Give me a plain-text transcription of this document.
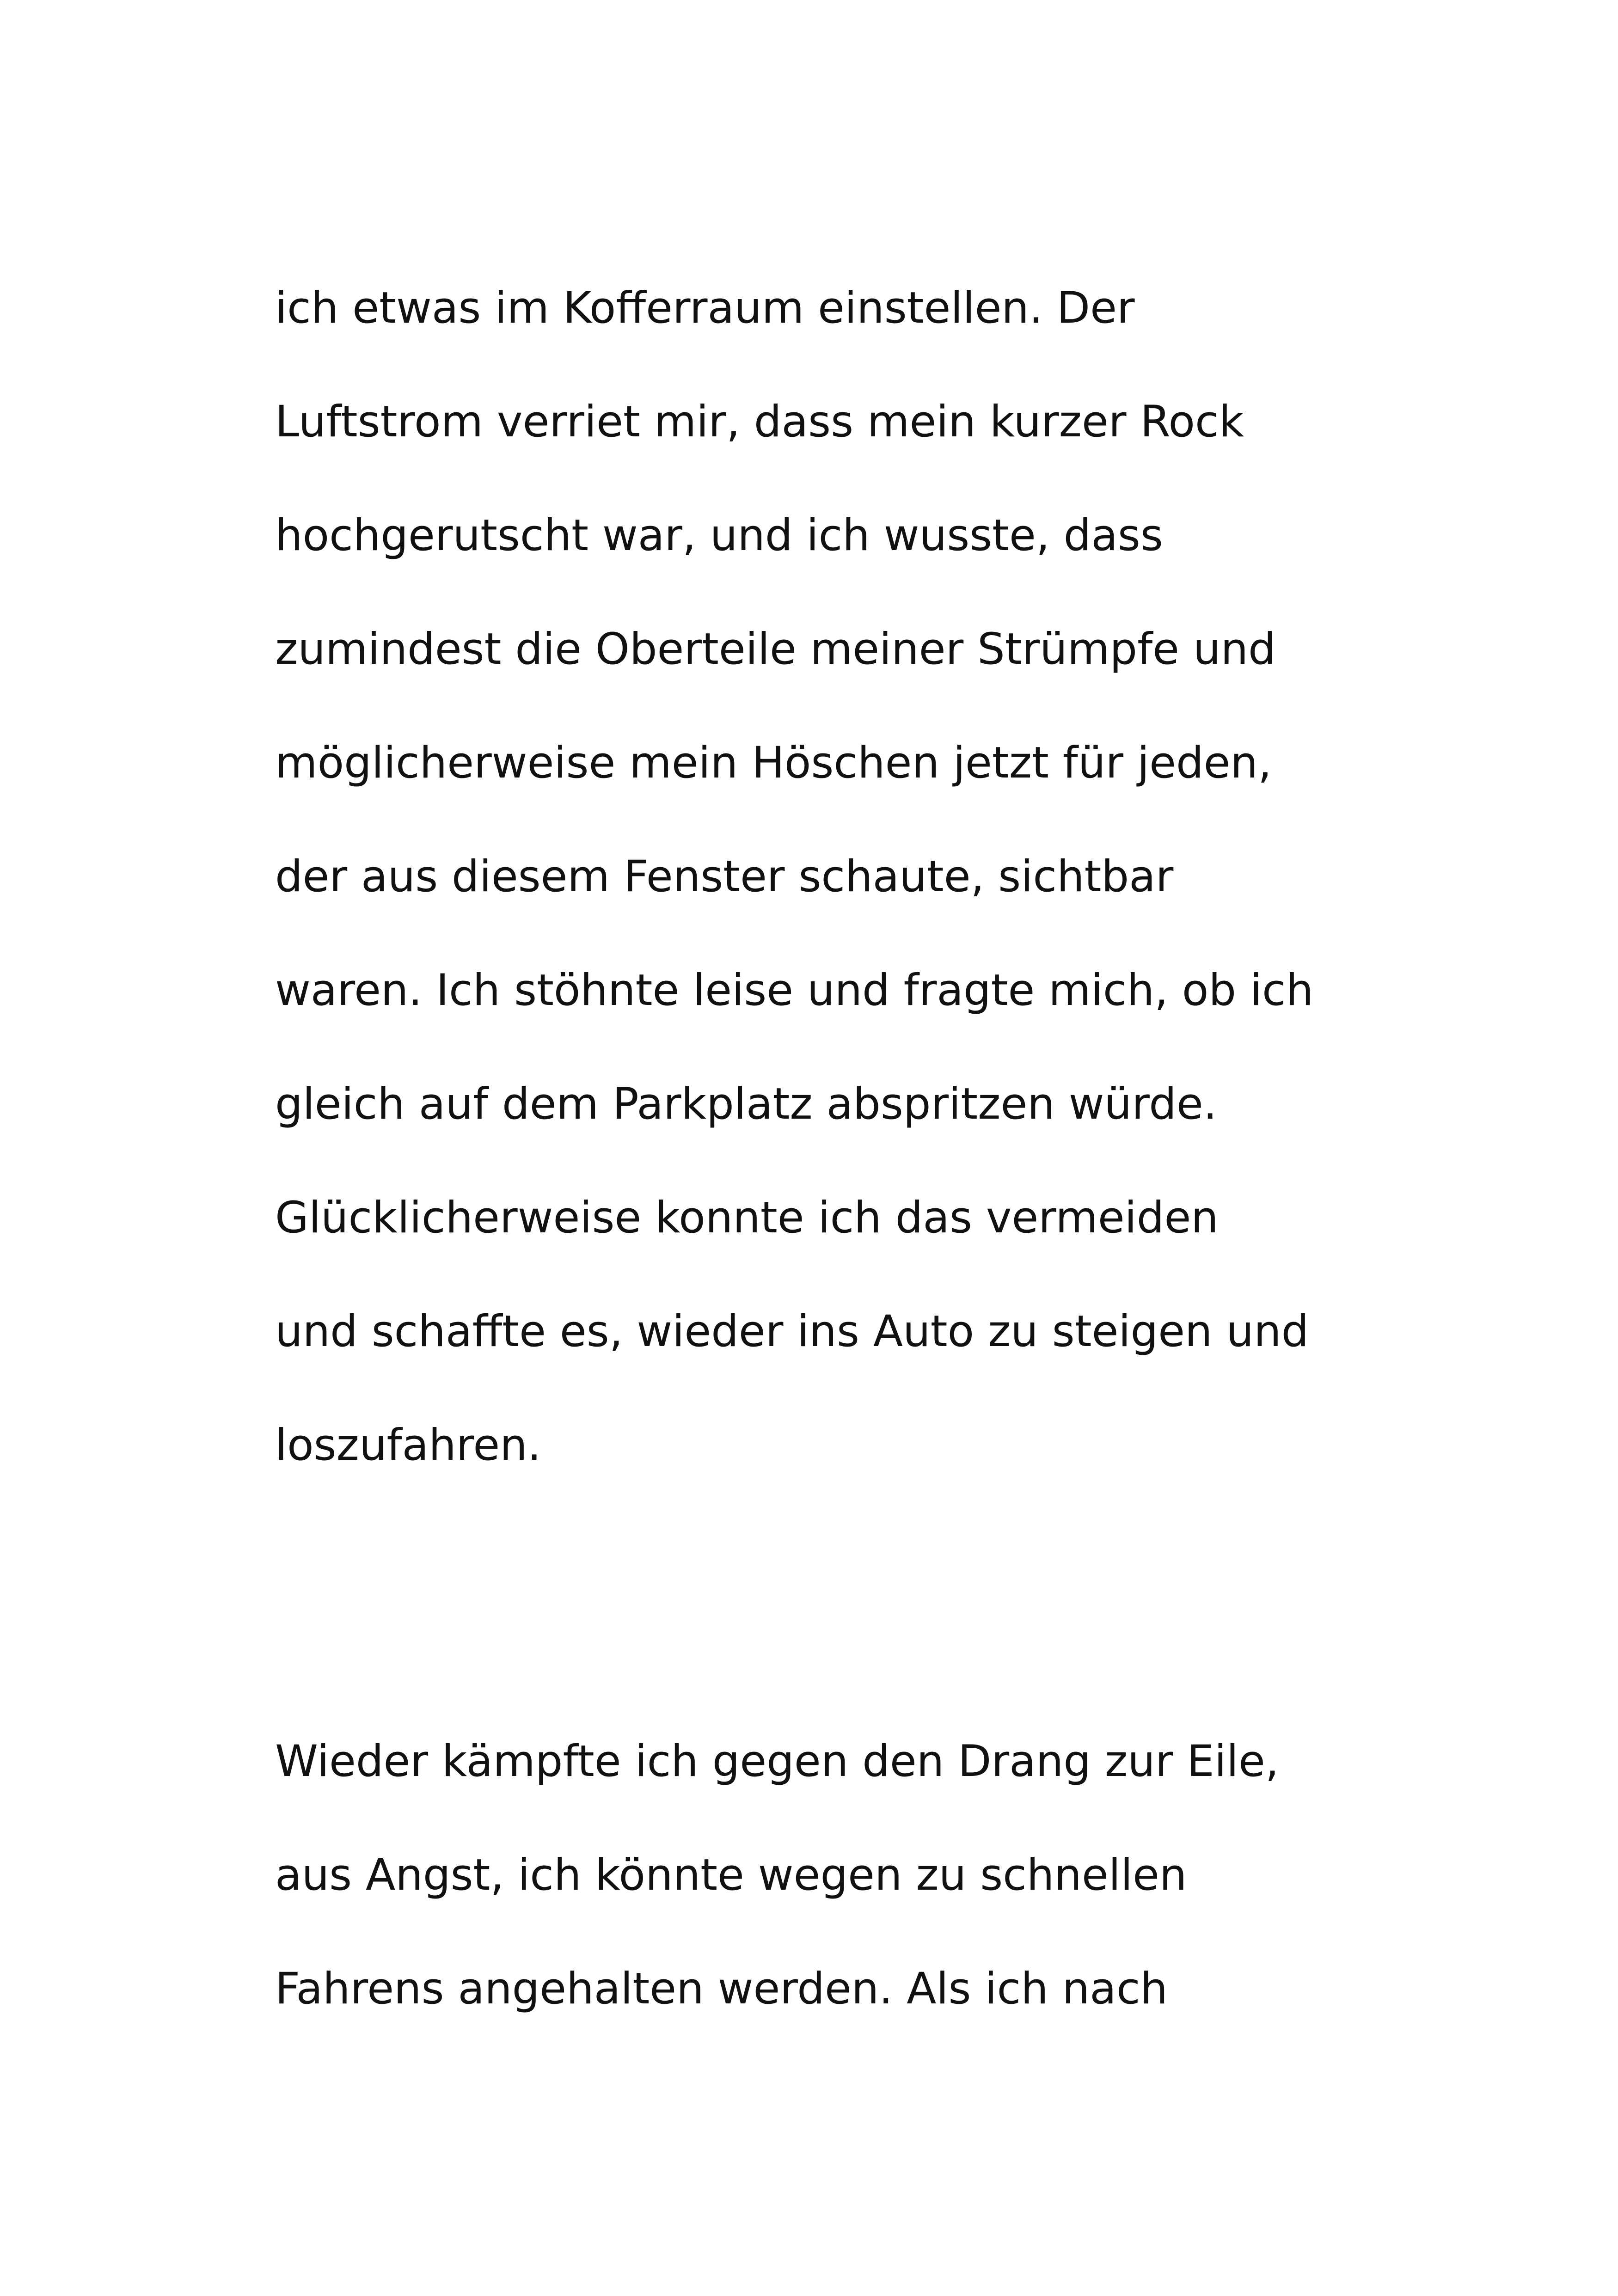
ich etwas im Kofferraum einstellen. Der
Luftstrom verriet mir, dass mein kurzer Rock
hochgerutscht war, und ich wusste, dass
zumindest die Oberteile meiner Strümpfe und
möglicherweise mein Höschen jetzt für jeden,
der aus diesem Fenster schaute, sichtbar
waren. Ich stöhnte leise und fragte mich, ob ich
gleich auf dem Parkplatz abspritzen würde.
Glücklicherweise konnte ich das vermeiden
und schaffte es, wieder ins Auto zu steigen und
loszufahren.
Wieder kämpfte ich gegen den Drang zur Eile,
aus Angst, ich könnte wegen zu schnellen
Fahrens angehalten werden. Als ich nach
